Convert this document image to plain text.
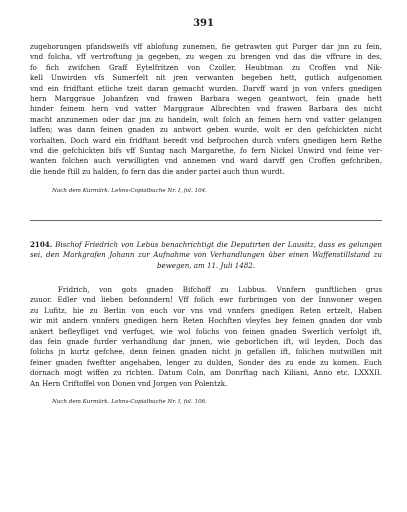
391
zugehorungen pfandsweifs vff ablofung zunemen, fie getrawten gut Purger dar jnn zu fein,
vnd folcha, vff vertroftung ja gegeben, zu wegen zu brengen vnd das die vffrure in des,
fo fich zwifchen Graff Eytelfritzen von Czoller, Heubtman zu Croffen vnd Nik-
kell Unwirden vfs Sumerfelt nit jren verwanten begeben hett, gutlich aufgenomen
vnd ein fridftant etliche tzeit daran gemacht wurden. Darvff ward jn von vnfers gnedigen
hern Marggraue Johanfzen vnd frawen Barbara wegen geantwort, fein gnade hett
hinder feinem hern vnd vatter Marggraue Albrechten vnd frawen Barbara des nicht
macht anzunemen oder dar jnn zu handeln, wolt folch an feinen hern vnd vatter gelangen
laffen; was dann feinen gnaden zu antwort geben wurde, wolt er den gefchickten nicht
vorhalten. Doch ward ein fridftant beredt vnd befprochen durch vnfers gnedigen hern Rethe
vnd die gefchickten bifs vff Suntag nach Margarethe, fo fern Nickel Unwird vnd feine ver-
wanten folchen auch verwilligten vnd annemen vnd ward darvff gen Croffen gefchriben,
die hende ftill zu halden, fo fern das die ander partei auch thun wurdt.
Nach dem Kurmärk. Lehns-Copialbuche Nr. I, fol. 104.
2104. Bischof Friedrich von Lebus benachrichtigt die Deputirten der Lausitz, dass es gelungen
sei, den Markgrafen Johann zur Aufnahme von Verhandlungen über einen Waffenstillstand zu
bewegen, am 11. Juli 1482.
Fridrich, von gots gnaden Bifchoff zu Lubbus. Vnnfern gunftlichen grus
zuuor. Edler vnd lieben befonndern! Vff folich ewr furbringen von der Innwoner wegen
zu Lufitz, hie zu Berlin von euch vor vns vnd vnnfers gnedigen Reten ertzelt, Haben
wir mit andern vnnfers gnedigen hern Reten Hochften vleyfes bey feinen gnaden dor vmb
ankert befleyfliget vnd verfuget, wie wol folichs von feinen gnaden Swerlich verfolgt ift,
das fein gnade furder verhandlung dar jnnen, wie geborlichen ift, wil leyden, Doch das
folichs jn kurtz gefchee, denn feinen gnaden nicht jn gefallen ift, folichen mutwillen mit
feiner gnaden fweftter angehaben, lenger zu dulden, Sonder des zu ende zu komen. Euch
dornach mogt wiffen zu richten. Datum Coln, am Donrftag nach Kiliani, Anno etc. LXXXII.
An Hern Criftoffel von Donen vnd Jorgen von Polentzk.
Nach dem Kurmärk. Lehns-Copialbuche Nr. I, fol. 106.
